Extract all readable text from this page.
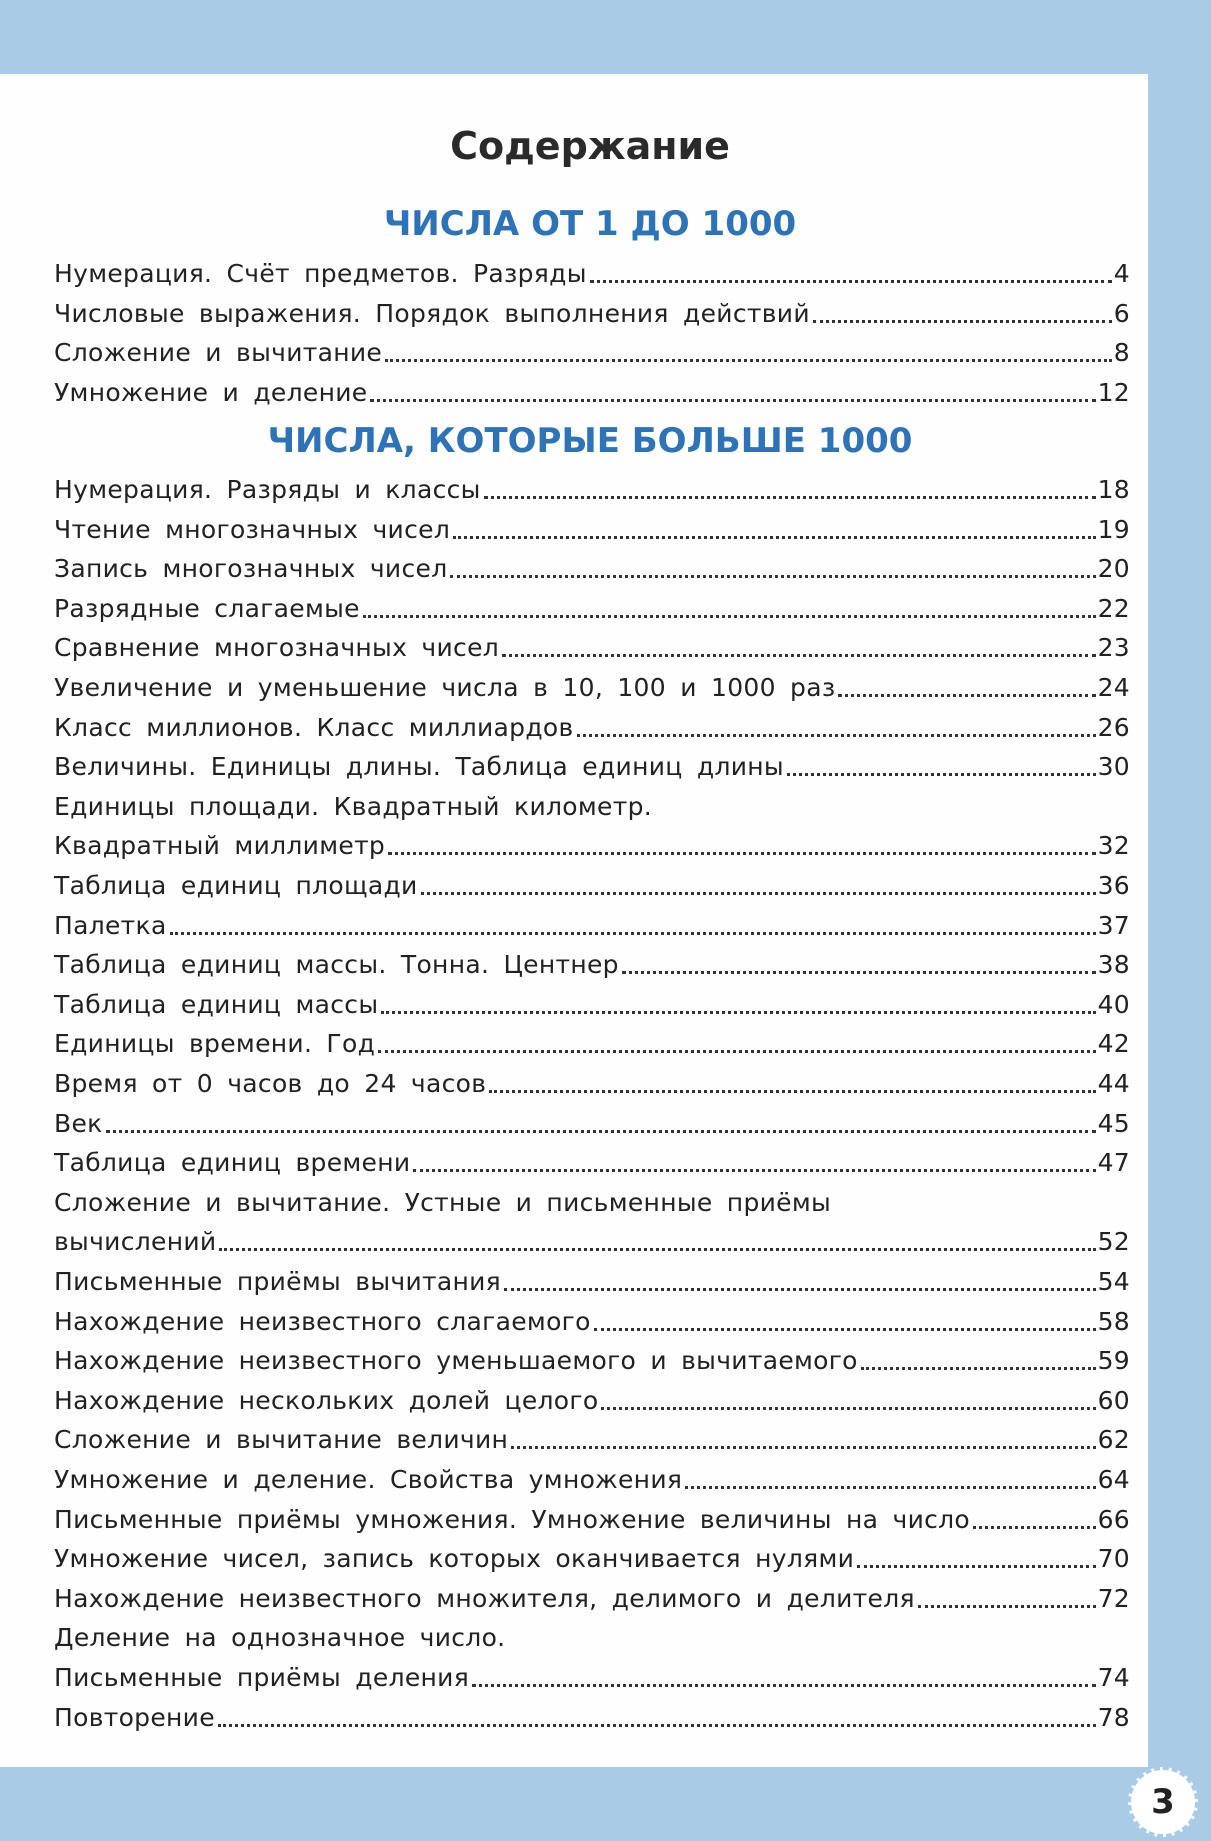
Содержание
ЧИСЛА ОТ 1 ДО 1000
ЧИСЛА, КОТОРЫЕ БОЛЬШЕ 1000
Нумерация. Счёт предметов. Разряды	4
Числовые выражения. Порядок выполнения действий	6
Сложение и вычитание	8
Умножение и деление	12
Нумерация. Разряды и классы	18
Чтение многозначных чисел	19
Запись многозначных чисел	20
Разрядные слагаемые	22
Сравнение многозначных чисел	23
Увеличение и уменьшение числа в 10, 100 и 1000 раз	24
Класс миллионов. Класс миллиардов	26
Величины. Единицы длины. Таблица единиц длины	30
Единицы площади. Квадратный километр.
Квадратный миллиметр	32
Таблица единиц площади	36
Палетка	37
Таблица единиц массы. Тонна. Центнер	38
Таблица единиц массы	40
Единицы времени. Год	42
Время от 0 часов до 24 часов	44
Век	45
Таблица единиц времени	47
Сложение и вычитание. Устные и письменные приёмы
вычислений	52
Письменные приёмы вычитания	54
Нахождение неизвестного слагаемого	58
Нахождение неизвестного уменьшаемого и вычитаемого	59
Нахождение нескольких долей целого	60
Сложение и вычитание величин	62
Умножение и деление. Свойства умножения	64
Письменные приёмы умножения. Умножение величины на число	66
Умножение чисел, запись которых оканчивается нулями	70
Нахождение неизвестного множителя, делимого и делителя	72
Деление на однозначное число.
Письменные приёмы деления	74
Повторение	78
3
